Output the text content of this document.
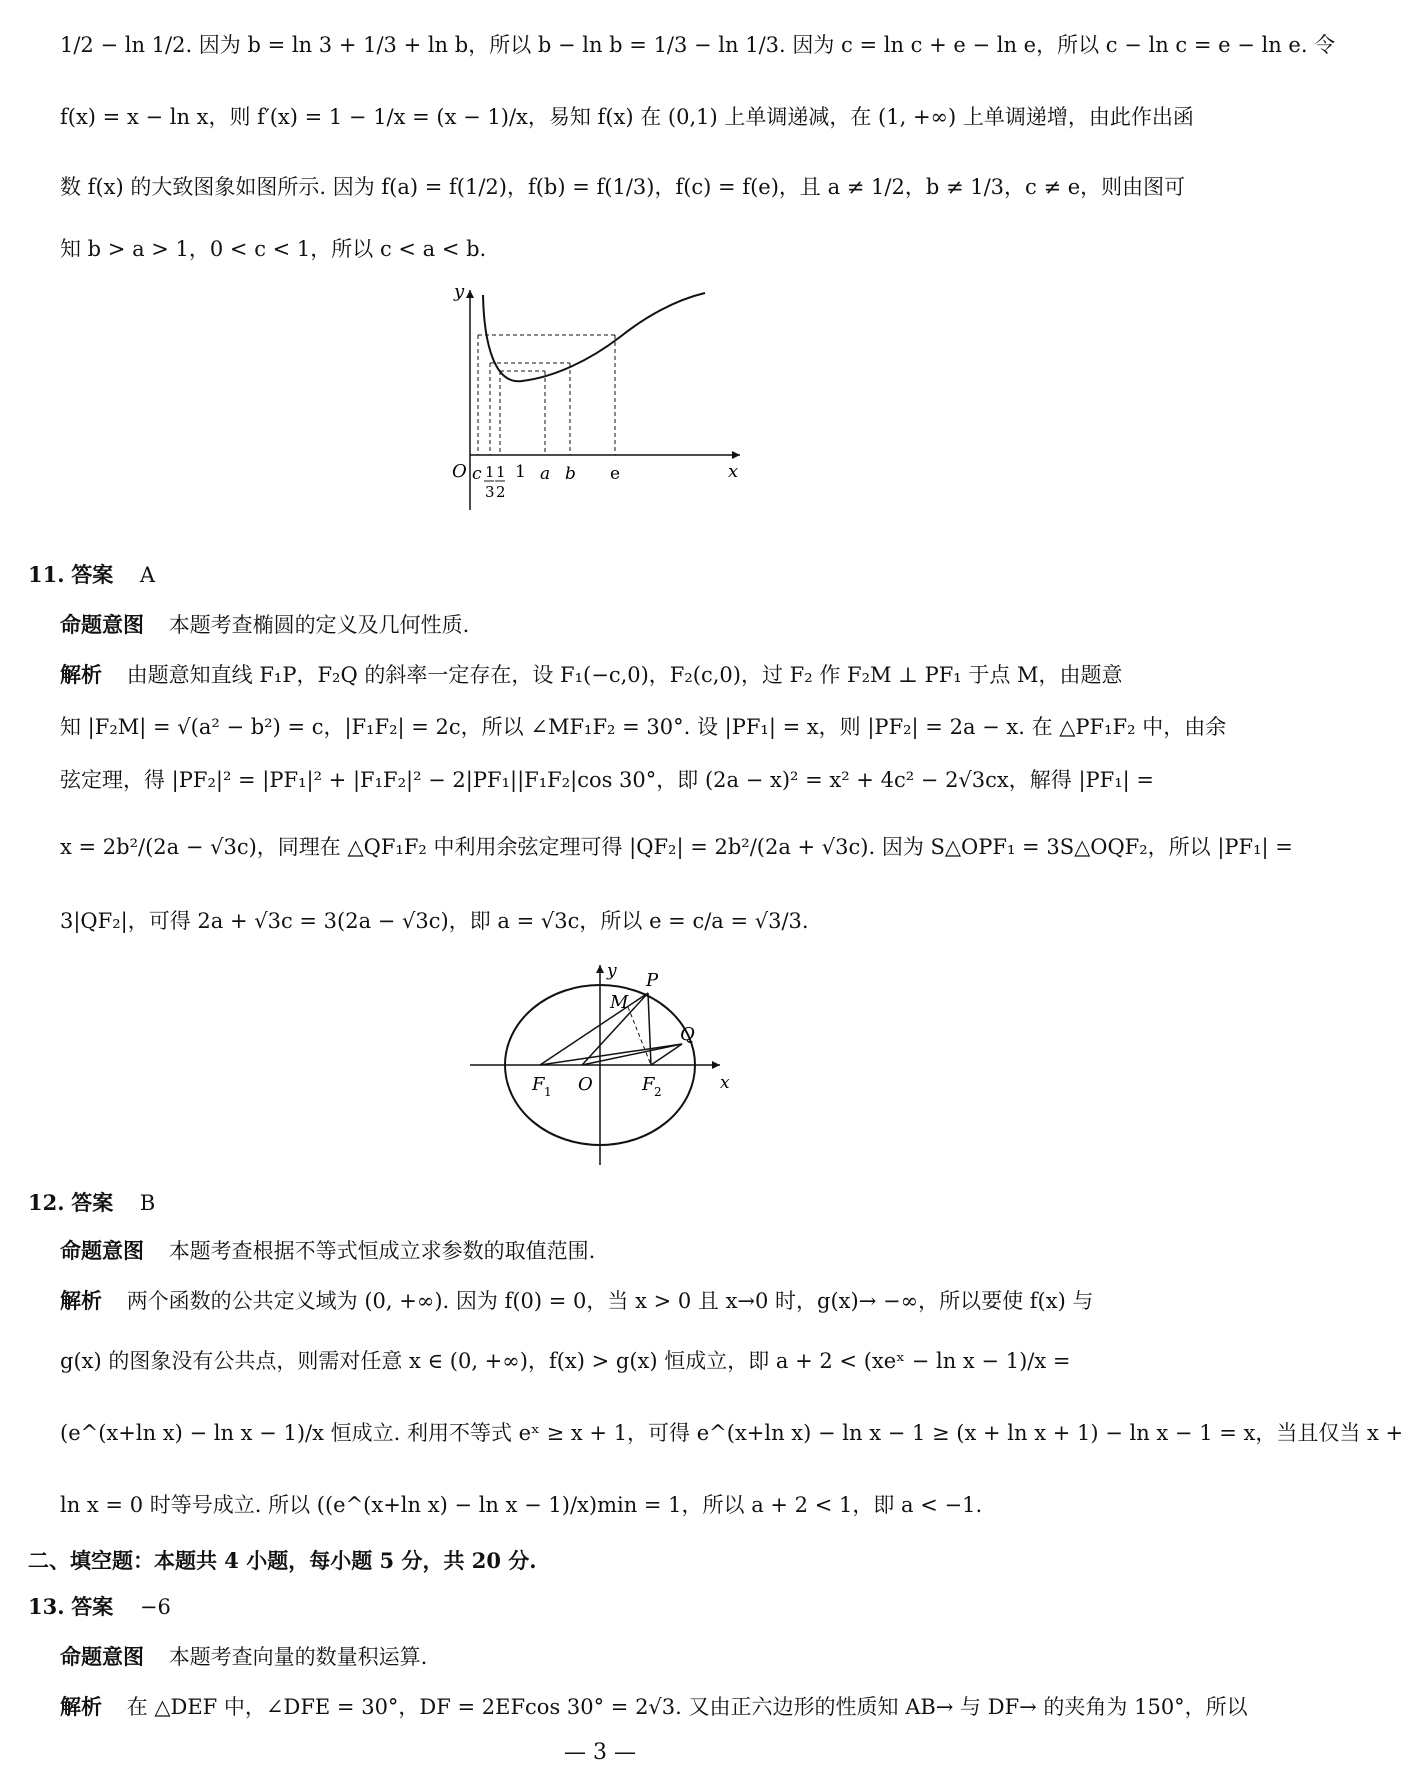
1/2 − ln 1/2. 因为 b = ln 3 + 1/3 + ln b，所以 b − ln b = 1/3 − ln 1/3. 因为 c = ln c + e − ln e，所以 c − ln c = e − ln e. 令
f(x) = x − ln x，则 f′(x) = 1 − 1/x = (x − 1)/x，易知 f(x) 在 (0,1) 上单调递减，在 (1, +∞) 上单调递增，由此作出函
数 f(x) 的大致图象如图所示. 因为 f(a) = f(1/2)，f(b) = f(1/3)，f(c) = f(e)，且 a ≠ 1/2，b ≠ 1/3，c ≠ e，则由图可
知 b > a > 1，0 < c < 1，所以 c < a < b.
y
x
O c 1
3
1
2
1 a b e
11. 答案 A
命题意图 本题考查椭圆的定义及几何性质.
解析 由题意知直线 F₁P，F₂Q 的斜率一定存在，设 F₁(−c,0)，F₂(c,0)，过 F₂ 作 F₂M ⊥ PF₁ 于点 M，由题意
知 |F₂M| = √(a² − b²) = c，|F₁F₂| = 2c，所以 ∠MF₁F₂ = 30°. 设 |PF₁| = x，则 |PF₂| = 2a − x. 在 △PF₁F₂ 中，由余
弦定理，得 |PF₂|² = |PF₁|² + |F₁F₂|² − 2|PF₁||F₁F₂|cos 30°，即 (2a − x)² = x² + 4c² − 2√3cx，解得 |PF₁| =
x = 2b²/(2a − √3c)，同理在 △QF₁F₂ 中利用余弦定理可得 |QF₂| = 2b²/(2a + √3c). 因为 S△OPF₁ = 3S△OQF₂，所以 |PF₁| =
3|QF₂|，可得 2a + √3c = 3(2a − √3c)，即 a = √3c，所以 e = c/a = √3/3.
y
x
P
M
Q
O
F 1	F 2
12. 答案 B
命题意图 本题考查根据不等式恒成立求参数的取值范围.
解析 两个函数的公共定义域为 (0, +∞). 因为 f(0) = 0，当 x > 0 且 x→0 时，g(x)→ −∞，所以要使 f(x) 与
g(x) 的图象没有公共点，则需对任意 x ∈ (0, +∞)，f(x) > g(x) 恒成立，即 a + 2 < (xeˣ − ln x − 1)/x =
(e^(x+ln x) − ln x − 1)/x 恒成立. 利用不等式 eˣ ≥ x + 1，可得 e^(x+ln x) − ln x − 1 ≥ (x + ln x + 1) − ln x − 1 = x，当且仅当 x +
ln x = 0 时等号成立. 所以 ((e^(x+ln x) − ln x − 1)/x)min = 1，所以 a + 2 < 1，即 a < −1.
二、填空题：本题共 4 小题，每小题 5 分，共 20 分.
13. 答案 −6
命题意图 本题考查向量的数量积运算.
解析 在 △DEF 中，∠DFE = 30°，DF = 2EFcos 30° = 2√3. 又由正六边形的性质知 AB→ 与 DF→ 的夹角为 150°，所以
— 3 —
